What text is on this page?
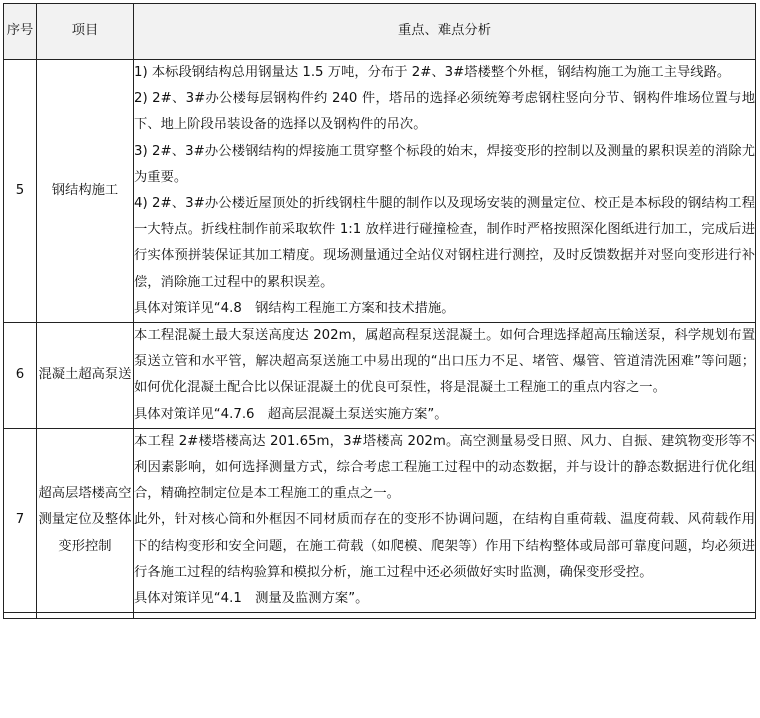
序号	项目	重点、难点分析
5	钢结构施工	1) 本标段钢结构总用钢量达 1.5 万吨，分布于 2#、3#塔楼整个外框，钢结构施工为施工主导线路。

2) 2#、3#办公楼每层钢构件约 240 件，塔吊的选择必须统筹考虑钢柱竖向分节、钢构件堆场位置与地下、地上阶段吊装设备的选择以及钢构件的吊次。

3) 2#、3#办公楼钢结构的焊接施工贯穿整个标段的始末，焊接变形的控制以及测量的累积误差的消除尤为重要。

4) 2#、3#办公楼近屋顶处的折线钢柱牛腿的制作以及现场安装的测量定位、校正是本标段的钢结构工程一大特点。折线柱制作前采取软件 1:1 放样进行碰撞检查，制作时严格按照深化图纸进行加工，完成后进行实体预拼装保证其加工精度。现场测量通过全站仪对钢柱进行测控，及时反馈数据并对竖向变形进行补偿，消除施工过程中的累积误差。

具体对策详见“4.8　钢结构工程施工方案和技术措施。

6	混凝土超高泵送	本工程混凝土最大泵送高度达 202m，属超高程泵送混凝土。如何合理选择超高压输送泵，科学规划布置泵送立管和水平管，解决超高泵送施工中易出现的“出口压力不足、堵管、爆管、管道清洗困难”等问题；如何优化混凝土配合比以保证混凝土的优良可泵性，将是混凝土工程施工的重点内容之一。

具体对策详见“4.7.6　超高层混凝土泵送实施方案”。

7	超高层塔楼高空测量定位及整体变形控制	本工程 2#楼塔楼高达 201.65m，3#塔楼高 202m。高空测量易受日照、风力、自振、建筑物变形等不利因素影响，如何选择测量方式，综合考虑工程施工过程中的动态数据，并与设计的静态数据进行优化组合，精确控制定位是本工程施工的重点之一。

此外，针对核心筒和外框因不同材质而存在的变形不协调问题，在结构自重荷载、温度荷载、风荷载作用下的结构变形和安全问题，在施工荷载（如爬模、爬架等）作用下结构整体或局部可靠度问题，均必须进行各施工过程的结构验算和模拟分析，施工过程中还必须做好实时监测，确保变形受控。

具体对策详见“4.1　测量及监测方案”。
